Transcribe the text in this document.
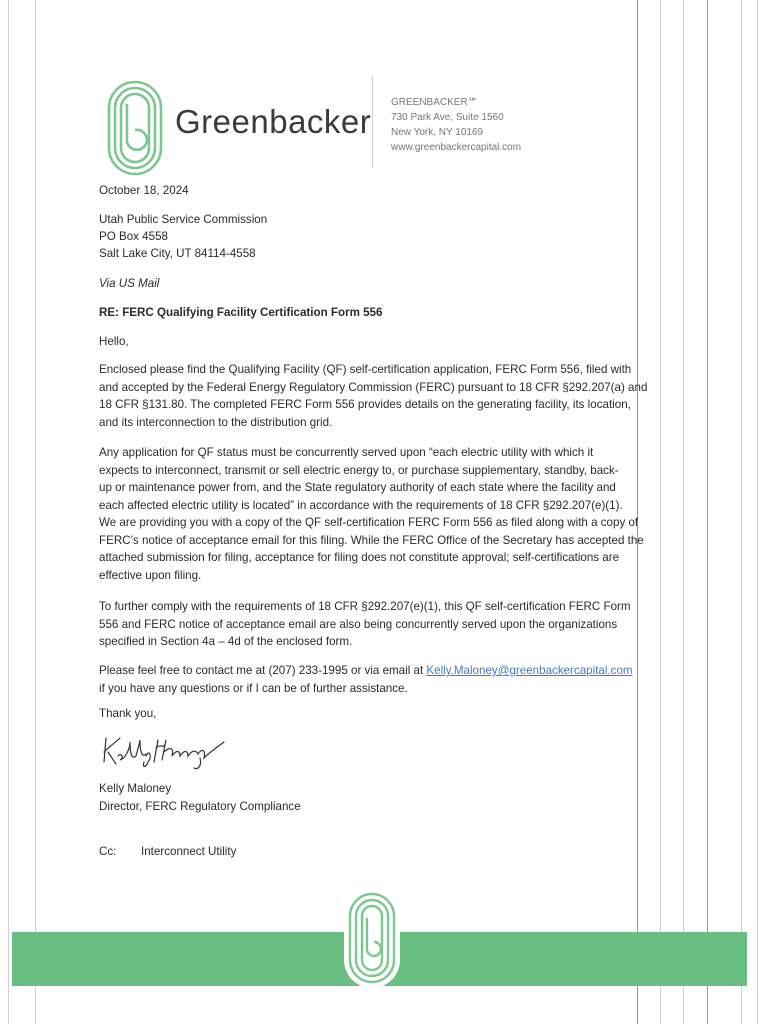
Greenbacker
GREENBACKER℠
730 Park Ave, Suite 1560
New York, NY 10169
www.greenbackercapital.com
October 18, 2024
Utah Public Service Commission
PO Box 4558
Salt Lake City, UT 84114-4558
Via US Mail
RE: FERC Qualifying Facility Certification Form 556
Hello,
Enclosed please find the Qualifying Facility (QF) self-certification application, FERC Form 556, filed with
and accepted by the Federal Energy Regulatory Commission (FERC) pursuant to 18 CFR §292.207(a) and
18 CFR §131.80. The completed FERC Form 556 provides details on the generating facility, its location,
and its interconnection to the distribution grid.
Any application for QF status must be concurrently served upon “each electric utility with which it
expects to interconnect, transmit or sell electric energy to, or purchase supplementary, standby, back-
up or maintenance power from, and the State regulatory authority of each state where the facility and
each affected electric utility is located” in accordance with the requirements of 18 CFR §292.207(e)(1).
We are providing you with a copy of the QF self-certification FERC Form 556 as filed along with a copy of
FERC’s notice of acceptance email for this filing. While the FERC Office of the Secretary has accepted the
attached submission for filing, acceptance for filing does not constitute approval; self-certifications are
effective upon filing.
To further comply with the requirements of 18 CFR §292.207(e)(1), this QF self-certification FERC Form
556 and FERC notice of acceptance email are also being concurrently served upon the organizations
specified in Section 4a – 4d of the enclosed form.
Please feel free to contact me at (207) 233-1995 or via email at Kelly.Maloney@greenbackercapital.com
if you have any questions or if I can be of further assistance.
Thank you,
Kelly Maloney
Director, FERC Regulatory Compliance
Cc: Interconnect Utility
